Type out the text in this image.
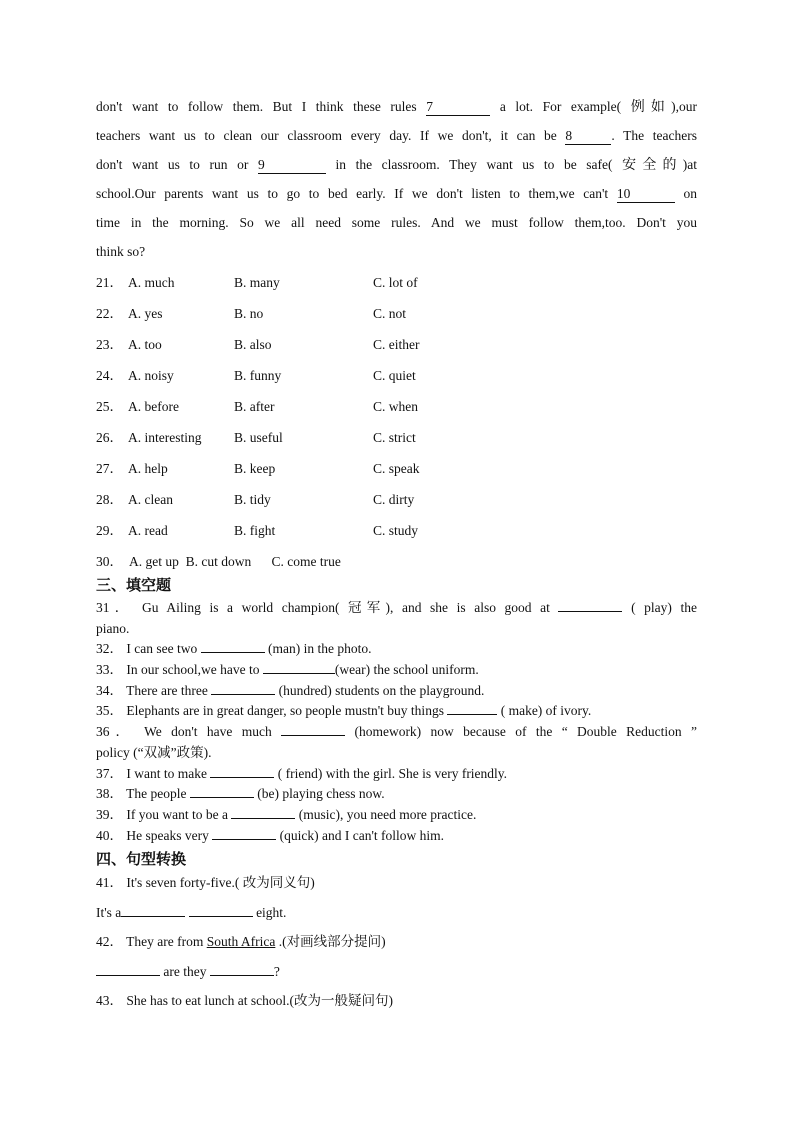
don't want to follow them. But I think these rules 7	a lot. For example( 例如),our
teachers want us to clean our classroom every day. If we don't, it can be 8	. The teachers
don't want us to run or 9	in the classroom. They want us to be safe( 安全的)at
school.Our parents want us to go to bed early. If we don't listen to them,we can't 10	on
time in the morning. So we all need some rules. And we must follow them,too. Don't you
think so?
21． A. much	B. many	C. lot of
22． A. yes	B. no	C. not
23． A. too	B. also	C. either
24． A. noisy	B. funny	C. quiet
25． A. before	B. after	C. when
26． A. interesting B. useful	C. strict
27． A. help	B. keep	C. speak
28． A. clean	B. tidy	C. dirty
29． A. read	B. fight	C. study
30．  A. get up  B. cut down      C. come true
三、填空题
31． Gu Ailing is a world champion( 冠军), and she is also good at	( play) the
piano.
32． I can see two	(man) in the photo.
33． In our school,we have to	(wear) the school uniform.
34． There are three	(hundred) students on the playground.
35． Elephants are in great danger, so people mustn't buy things	( make) of ivory.
36． We don't have much	(homework) now because of the “ Double Reduction ”
policy (“双减”政策).
37． I want to make	( friend) with the girl. She is very friendly.
38． The people	(be) playing chess now.
39． If you want to be a	(music), you need more practice.
40． He speaks very	(quick) and I can't follow him.
四、句型转换
41． It's seven forty-five.( 改为同义句)
It's a	eight.
42． They are from South Africa .(对画线部分提问)
are they	?
43． She has to eat lunch at school.(改为一般疑问句)
